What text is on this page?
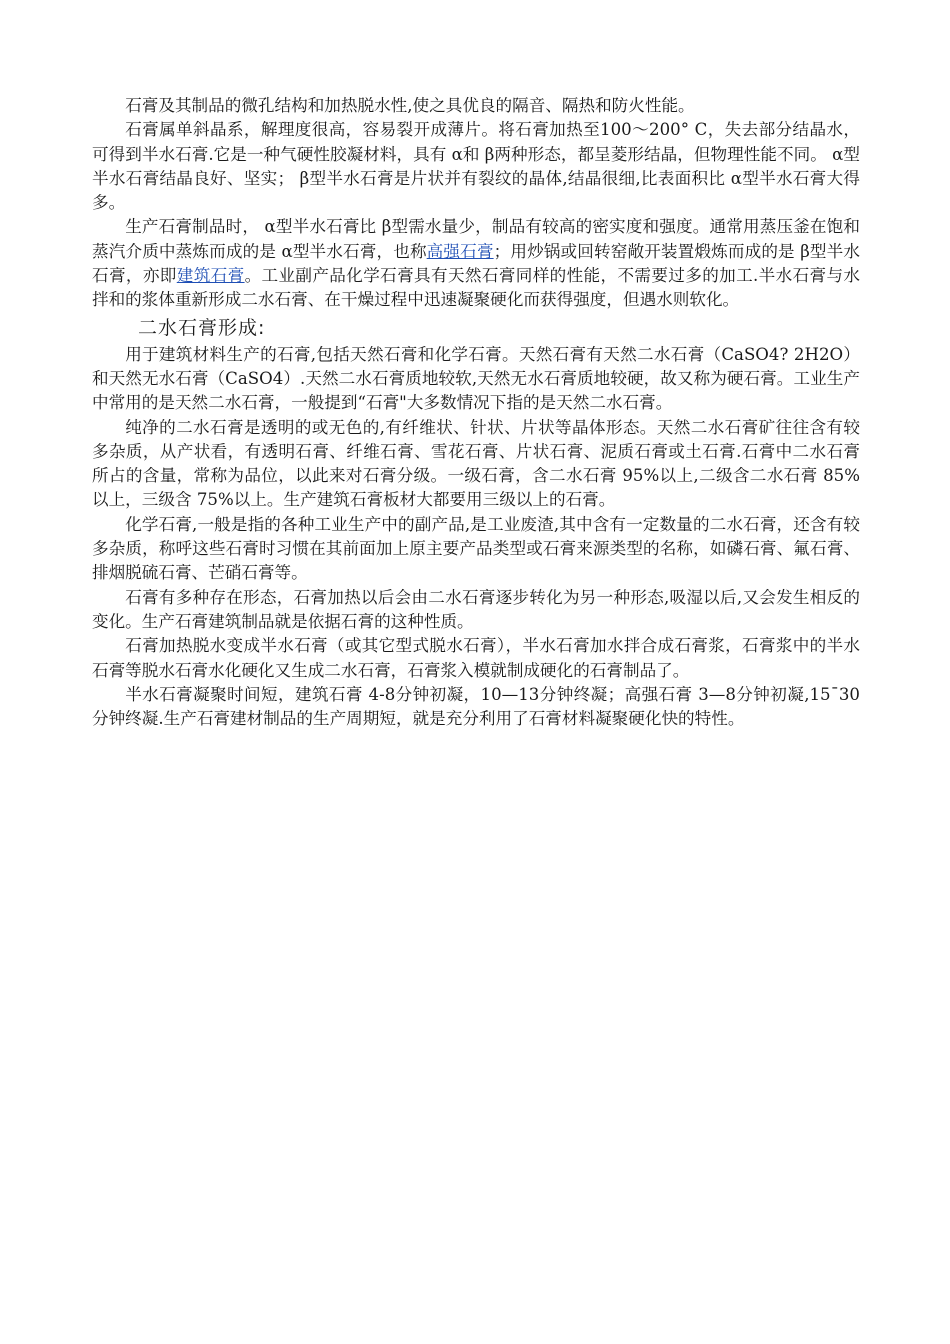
石膏及其制品的微孔结构和加热脱水性,使之具优良的隔音、隔热和防火性能。

石膏属单斜晶系，解理度很高，容易裂开成薄片。将石膏加热至100～200° C，失去部分结晶水，可得到半水石膏.它是一种气硬性胶凝材料，具有 α和 β两种形态，都呈菱形结晶，但物理性能不同。 α型半水石膏结晶良好、坚实； β型半水石膏是片状并有裂纹的晶体,结晶很细,比表面积比 α型半水石膏大得多。

生产石膏制品时， α型半水石膏比 β型需水量少，制品有较高的密实度和强度。通常用蒸压釜在饱和蒸汽介质中蒸炼而成的是 α型半水石膏，也称高强石膏；用炒锅或回转窑敞开装置煅炼而成的是 β型半水石膏，亦即建筑石膏。工业副产品化学石膏具有天然石膏同样的性能，不需要过多的加工.半水石膏与水拌和的浆体重新形成二水石膏、在干燥过程中迅速凝聚硬化而获得强度，但遇水则软化。

二水石膏形成:

用于建筑材料生产的石膏,包括天然石膏和化学石膏。天然石膏有天然二水石膏（CaSO4? 2H2O）和天然无水石膏（CaSO4）.天然二水石膏质地较软,天然无水石膏质地较硬，故又称为硬石膏。工业生产中常用的是天然二水石膏，一般提到“石膏"大多数情况下指的是天然二水石膏。

纯净的二水石膏是透明的或无色的,有纤维状、针状、片状等晶体形态。天然二水石膏矿往往含有较多杂质，从产状看，有透明石膏、纤维石膏、雪花石膏、片状石膏、泥质石膏或土石膏.石膏中二水石膏所占的含量，常称为品位，以此来对石膏分级。一级石膏，含二水石膏 95%以上,二级含二水石膏 85%以上，三级含 75%以上。生产建筑石膏板材大都要用三级以上的石膏。

化学石膏,一般是指的各种工业生产中的副产品,是工业废渣,其中含有一定数量的二水石膏，还含有较多杂质，称呼这些石膏时习惯在其前面加上原主要产品类型或石膏来源类型的名称，如磷石膏、氟石膏、排烟脱硫石膏、芒硝石膏等。

石膏有多种存在形态，石膏加热以后会由二水石膏逐步转化为另一种形态,吸湿以后,又会发生相反的变化。生产石膏建筑制品就是依据石膏的这种性质。

石膏加热脱水变成半水石膏（或其它型式脱水石膏），半水石膏加水拌合成石膏浆，石膏浆中的半水石膏等脱水石膏水化硬化又生成二水石膏，石膏浆入模就制成硬化的石膏制品了。

半水石膏凝聚时间短，建筑石膏 4-8分钟初凝，10—13分钟终凝；高强石膏 3—8分钟初凝,15¯30分钟终凝.生产石膏建材制品的生产周期短，就是充分利用了石膏材料凝聚硬化快的特性。
